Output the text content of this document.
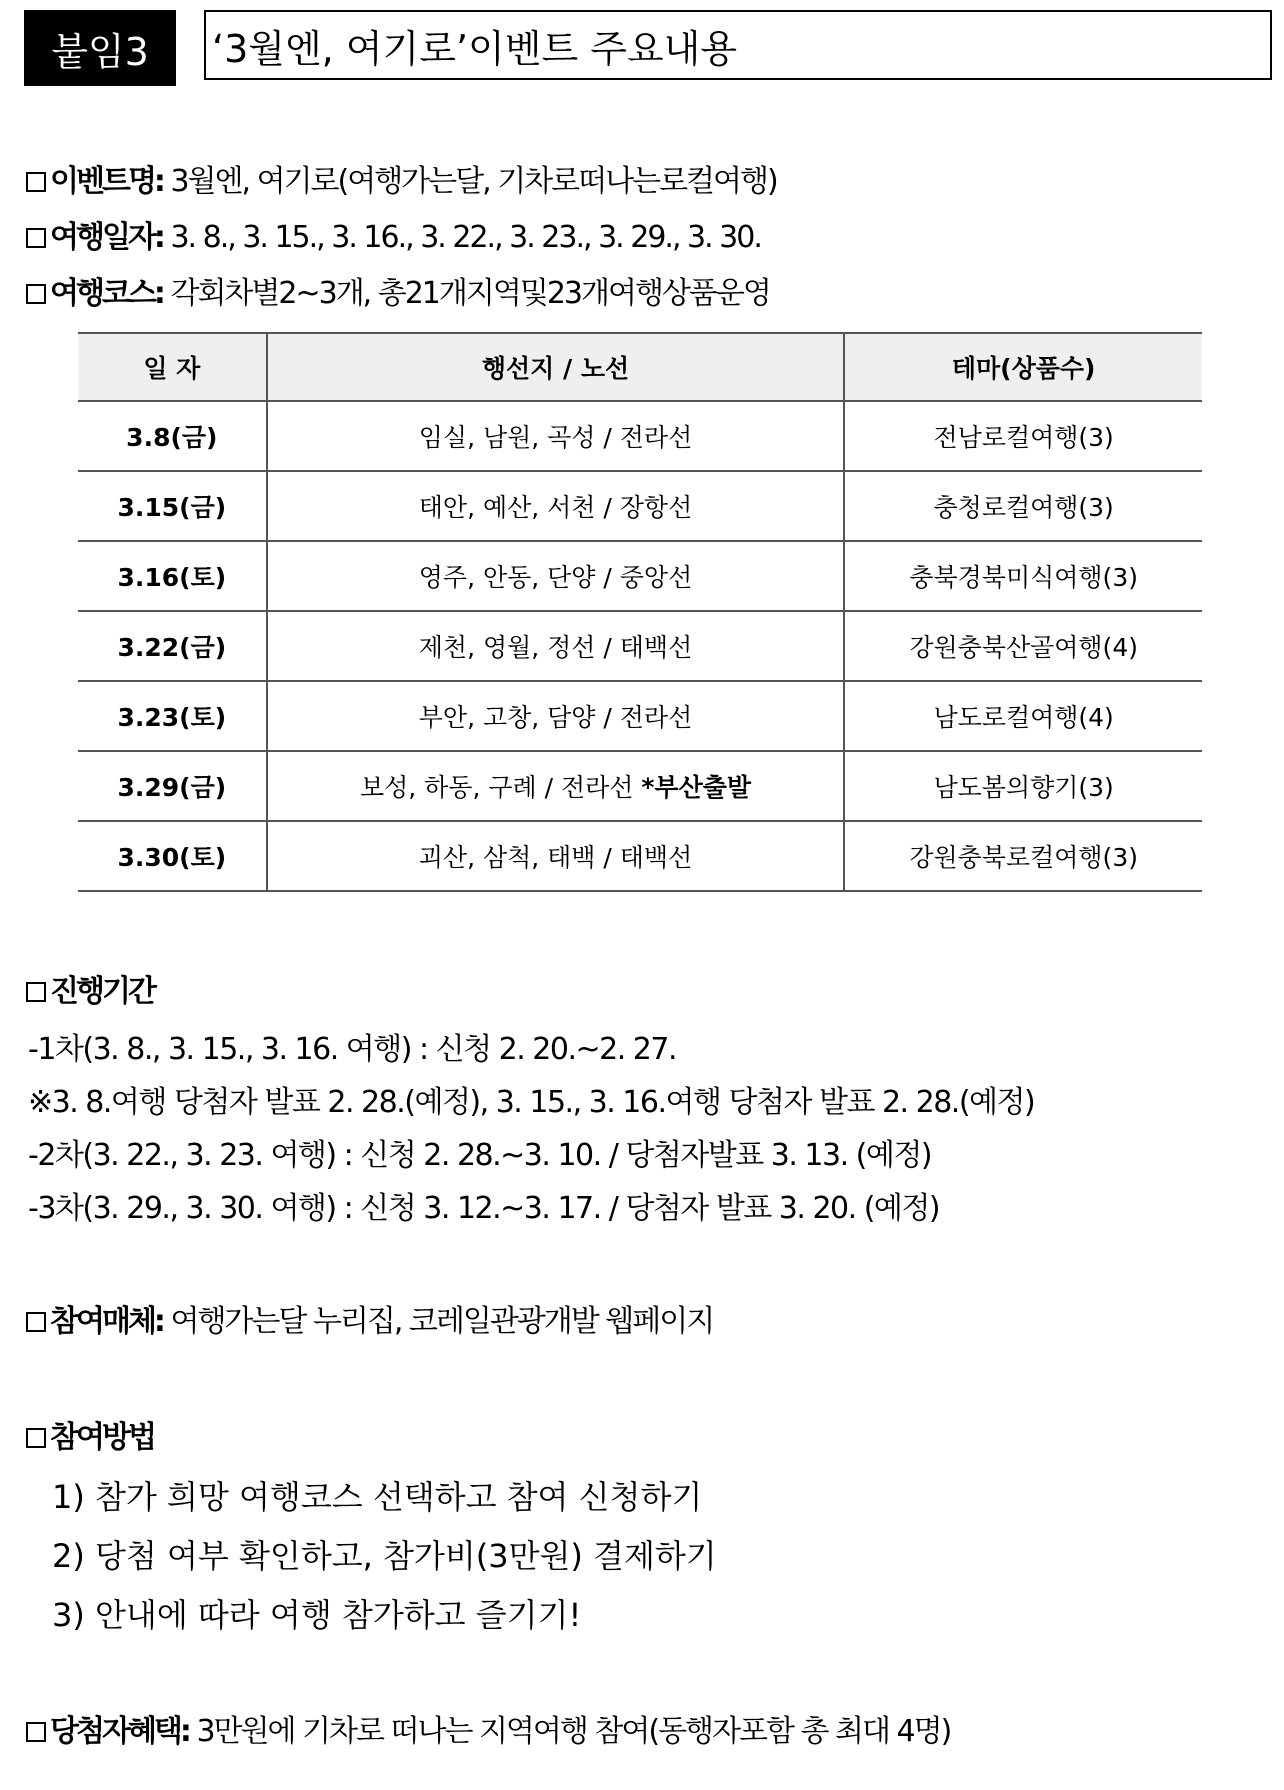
붙임3	‘3월엔, 여기로’이벤트 주요내용
이벤트명: 3월엔, 여기로(여행가는달, 기차로떠나는로컬여행)
여행일자: 3. 8., 3. 15., 3. 16., 3. 22., 3. 23., 3. 29., 3. 30.
여행코스: 각회차별2~3개, 총21개지역및23개여행상품운영
일 자	행선지 / 노선	테마(상품수)
3.8(금)	임실, 남원, 곡성 / 전라선	전남로컬여행(3)
3.15(금)	태안, 예산, 서천 / 장항선	충청로컬여행(3)
3.16(토)	영주, 안동, 단양 / 중앙선	충북경북미식여행(3)
3.22(금)	제천, 영월, 정선 / 태백선	강원충북산골여행(4)
3.23(토)	부안, 고창, 담양 / 전라선	남도로컬여행(4)
3.29(금)	보성, 하동, 구례 / 전라선 *부산출발	남도봄의향기(3)
3.30(토)	괴산, 삼척, 태백 / 태백선	강원충북로컬여행(3)
진행기간
-1차(3. 8., 3. 15., 3. 16. 여행) : 신청 2. 20.~2. 27.
※3. 8.여행 당첨자 발표 2. 28.(예정), 3. 15., 3. 16.여행 당첨자 발표 2. 28.(예정)
-2차(3. 22., 3. 23. 여행) : 신청 2. 28.~3. 10. / 당첨자발표 3. 13. (예정)
-3차(3. 29., 3. 30. 여행) : 신청 3. 12.~3. 17. / 당첨자 발표 3. 20. (예정)
참여매체: 여행가는달 누리집, 코레일관광개발 웹페이지
참여방법
1) 참가 희망 여행코스 선택하고 참여 신청하기
2) 당첨 여부 확인하고, 참가비(3만원) 결제하기
3) 안내에 따라 여행 참가하고 즐기기!
당첨자혜택: 3만원에 기차로 떠나는 지역여행 참여(동행자포함 총 최대 4명)
